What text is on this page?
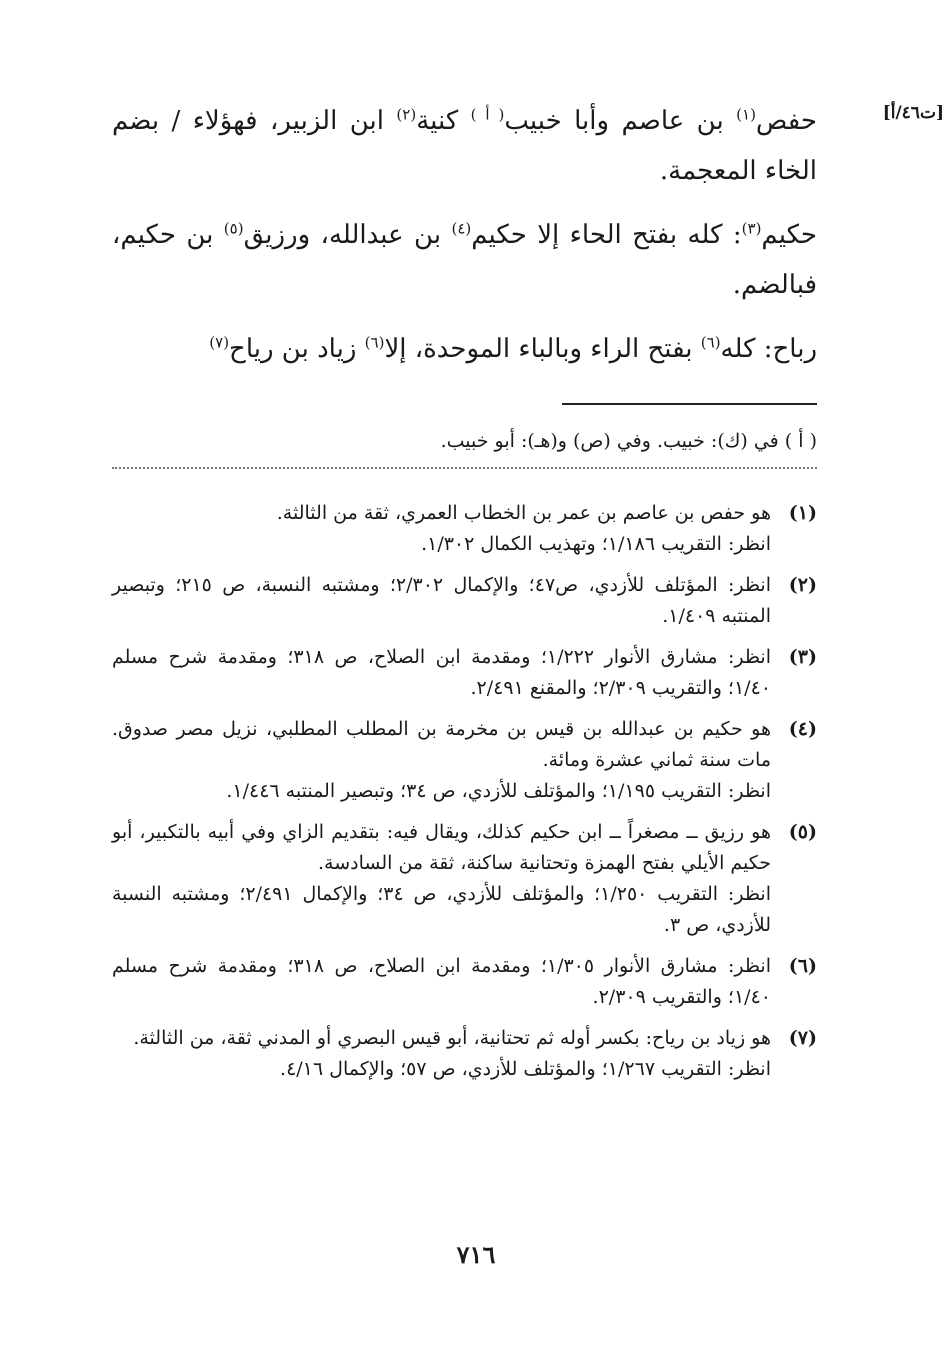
[ت٤٦/أ]

حفص$^{(١)}$ بن عاصم وأبا خبيب$^{( أ )}$ كنية$^{(٢)}$ ابن الزبير، فهؤلاء / بضم الخاء المعجمة.

حكيم$^{(٣)}$: كله بفتح الحاء إلا حكيم$^{(٤)}$ بن عبدالله، ورزيق$^{(٥)}$ بن حكيم، فبالضم.

رباح: كله$^{(٦)}$ بفتح الراء وبالباء الموحدة، إلا$^{(٦)}$ زياد بن رياح$^{(٧)}$

( أ ) في (ك): خبيب. وفي (ص) و(هـ): أبو خبيب.
(١)
هو حفص بن عاصم بن عمر بن الخطاب العمري، ثقة من الثالثة.
انظر: التقريب ١/١٨٦؛ وتهذيب الكمال ١/٣٠٢.
(٢)
انظر: المؤتلف للأزدي، ص٤٧؛ والإكمال ٢/٣٠٢؛ ومشتبه النسبة، ص ٢١٥؛ وتبصير المنتبه ١/٤٠٩.
(٣)
انظر: مشارق الأنوار ١/٢٢٢؛ ومقدمة ابن الصلاح، ص ٣١٨؛ ومقدمة شرح مسلم ١/٤٠؛ والتقريب ٢/٣٠٩؛ والمقنع ٢/٤٩١.
(٤)
هو حكيم بن عبدالله بن قيس بن مخرمة بن المطلب المطلبي، نزيل مصر صدوق. مات سنة ثماني عشرة ومائة.
انظر: التقريب ١/١٩٥؛ والمؤتلف للأزدي، ص ٣٤؛ وتبصير المنتبه ١/٤٤٦.
(٥)
هو رزيق ــ مصغراً ــ ابن حكيم كذلك، ويقال فيه: بتقديم الزاي وفي أبيه بالتكبير، أبو حكيم الأيلي بفتح الهمزة وتحتانية ساكنة، ثقة من السادسة.
انظر: التقريب ١/٢٥٠؛ والمؤتلف للأزدي، ص ٣٤؛ والإكمال ٢/٤٩١؛ ومشتبه النسبة للأزدي، ص ٣.
(٦)
انظر: مشارق الأنوار ١/٣٠٥؛ ومقدمة ابن الصلاح، ص ٣١٨؛ ومقدمة شرح مسلم ١/٤٠؛ والتقريب ٢/٣٠٩.
(٧)
هو زياد بن رياح: بكسر أوله ثم تحتانية، أبو قيس البصري أو المدني ثقة، من الثالثة.
انظر: التقريب ١/٢٦٧؛ والمؤتلف للأزدي، ص ٥٧؛ والإكمال ٤/١٦.
٧١٦
